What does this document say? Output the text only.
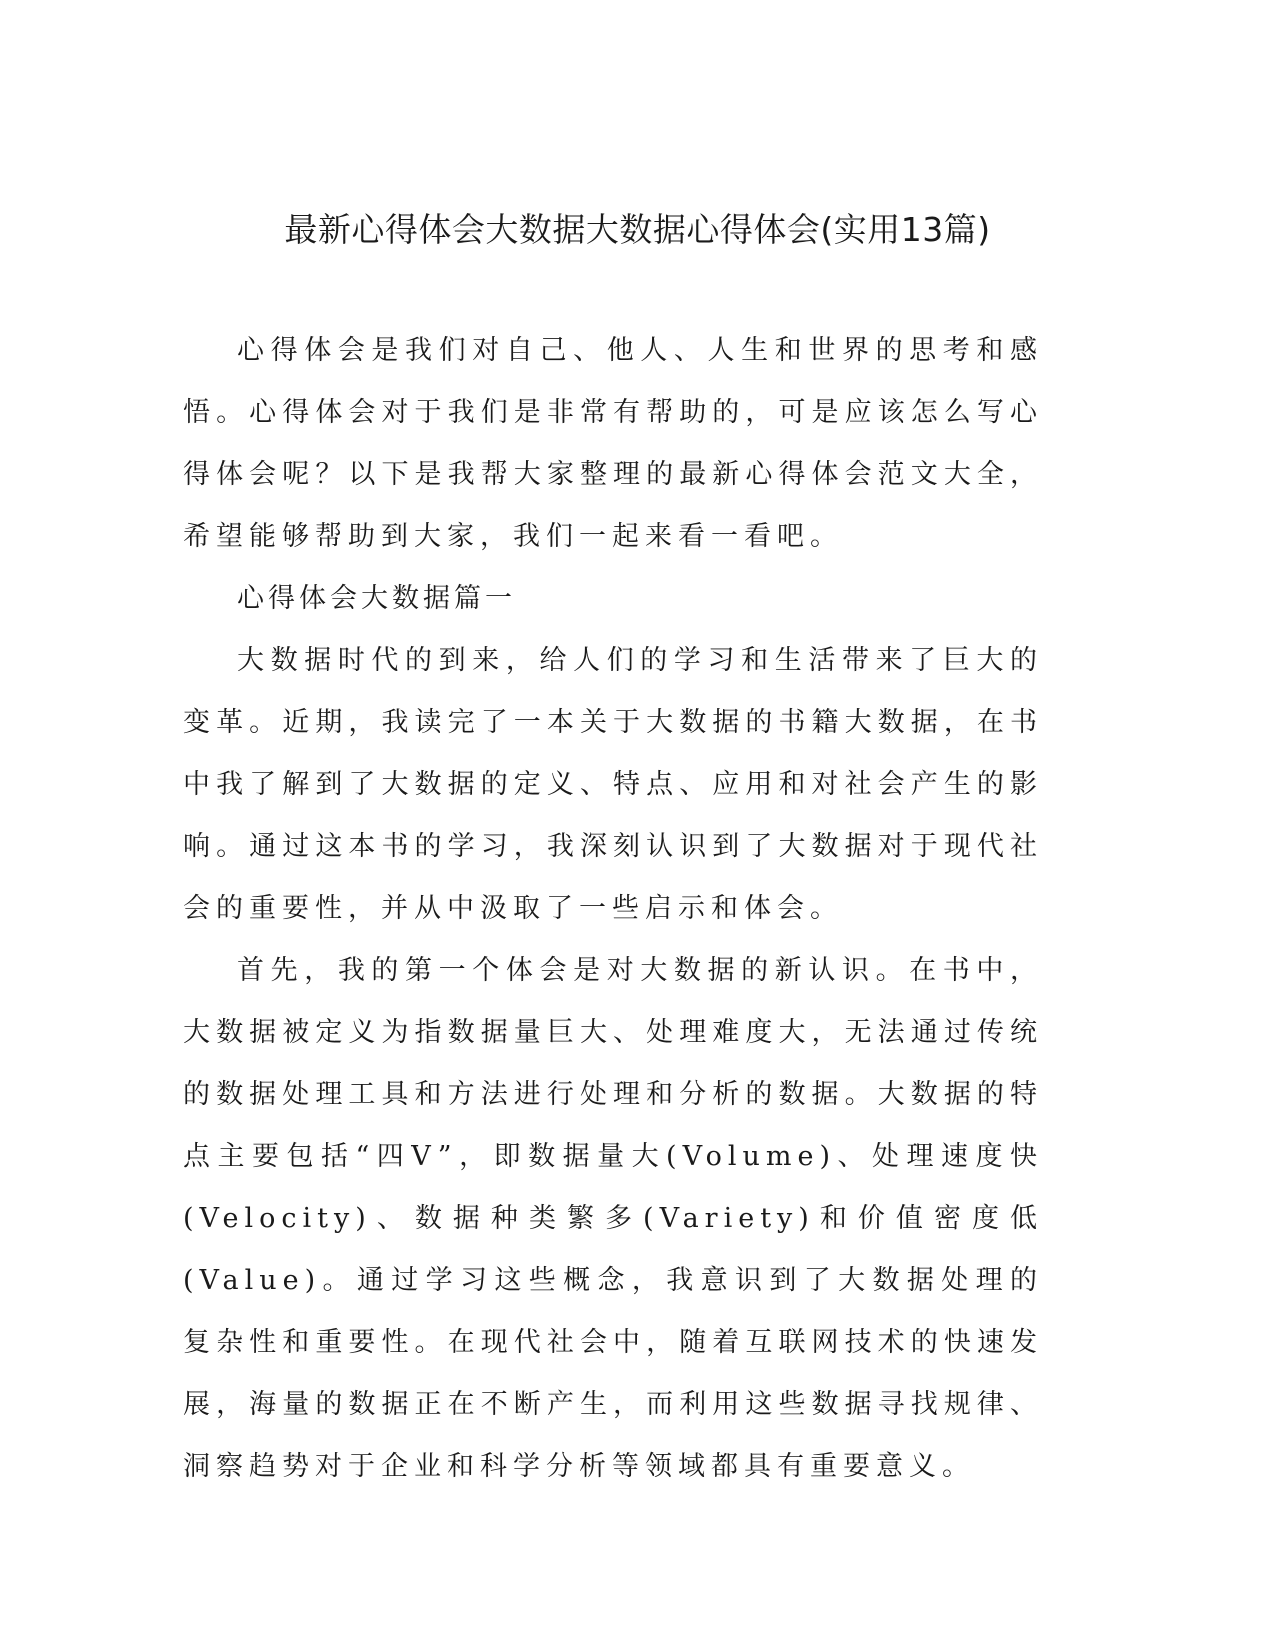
最新心得体会大数据大数据心得体会(实用13篇)

心得体会是我们对自己、他人、人生和世界的思考和感悟。心得体会对于我们是非常有帮助的，可是应该怎么写心得体会呢？以下是我帮大家整理的最新心得体会范文大全，希望能够帮助到大家，我们一起来看一看吧。

心得体会大数据篇一

大数据时代的到来，给人们的学习和生活带来了巨大的变革。近期，我读完了一本关于大数据的书籍大数据，在书中我了解到了大数据的定义、特点、应用和对社会产生的影响。通过这本书的学习，我深刻认识到了大数据对于现代社会的重要性，并从中汲取了一些启示和体会。

首先，我的第一个体会是对大数据的新认识。在书中，大数据被定义为指数据量巨大、处理难度大，无法通过传统的数据处理工具和方法进行处理和分析的数据。大数据的特点主要包括“四V”，即数据量大(Volume)、处理速度快(Velocity)、数据种类繁多(Variety)和价值密度低(Value)。通过学习这些概念，我意识到了大数据处理的复杂性和重要性。在现代社会中，随着互联网技术的快速发展，海量的数据正在不断产生，而利用这些数据寻找规律、洞察趋势对于企业和科学分析等领域都具有重要意义。
